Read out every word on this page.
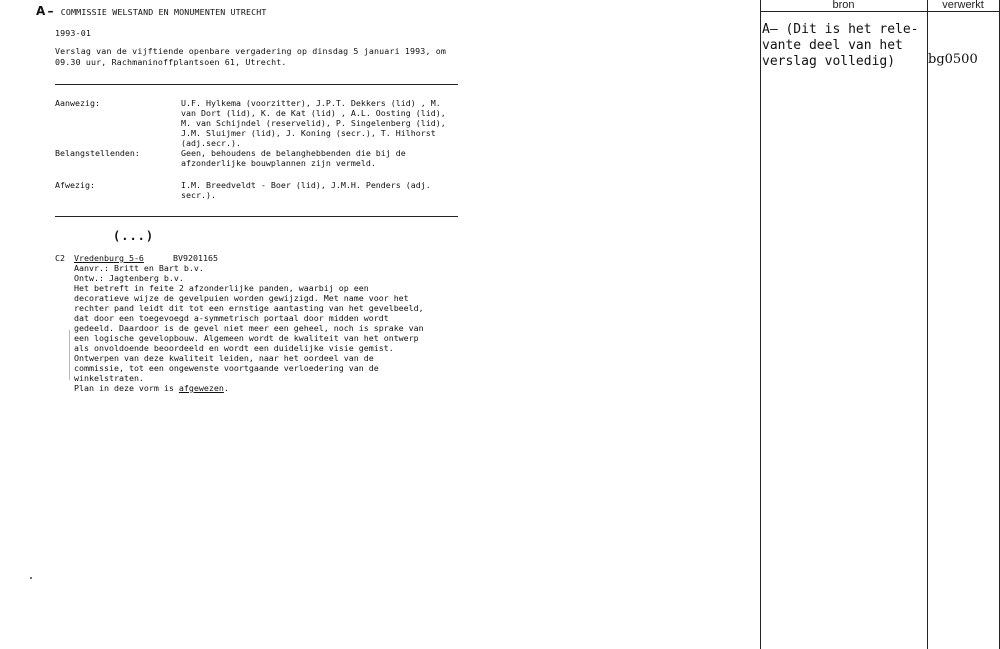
A – COMMISSIE WELSTAND EN MONUMENTEN UTRECHT
1993-01
Verslag van de vijftiende openbare vergadering op dinsdag 5 januari 1993, om
09.30 uur, Rachmaninoffplantsoen 61, Utrecht.
Aanwezig:	U.F. Hylkema (voorzitter), J.P.T. Dekkers (lid) , M.
van Dort (lid), K. de Kat (lid) , A.L. Oosting (lid),
M. van Schijndel (reservelid), P. Singelenberg (lid),
J.M. Sluijmer (lid), J. Koning (secr.), T. Hilhorst
(adj.secr.).
Belangstellenden:	Geen, behoudens de belanghebbenden die bij de
afzonderlijke bouwplannen zijn vermeld.
Afwezig:	I.M. Breedveldt - Boer (lid), J.M.H. Penders (adj.
secr.).
(...)
C2 Vredenburg 5-6	BV9201165
Aanvr.: Britt en Bart b.v.
Ontw.: Jagtenberg b.v.
Het betreft in feite 2 afzonderlijke panden, waarbij op een
decoratieve wijze de gevelpuien worden gewijzigd. Met name voor het
rechter pand leidt dit tot een ernstige aantasting van het gevelbeeld,
dat door een toegevoegd a-symmetrisch portaal door midden wordt
gedeeld. Daardoor is de gevel niet meer een geheel, noch is sprake van
een logische gevelopbouw. Algemeen wordt de kwaliteit van het ontwerp
als onvoldoende beoordeeld en wordt een duidelijke visie gemist.
Ontwerpen van deze kwaliteit leiden, naar het oordeel van de
commissie, tot een ongewenste voortgaande verloedering van de
winkelstraten.
Plan in deze vorm is afgewezen.
bron	verwerkt
A– (Dit is het rele-
vante deel van het
verslag volledig)	bg0500
